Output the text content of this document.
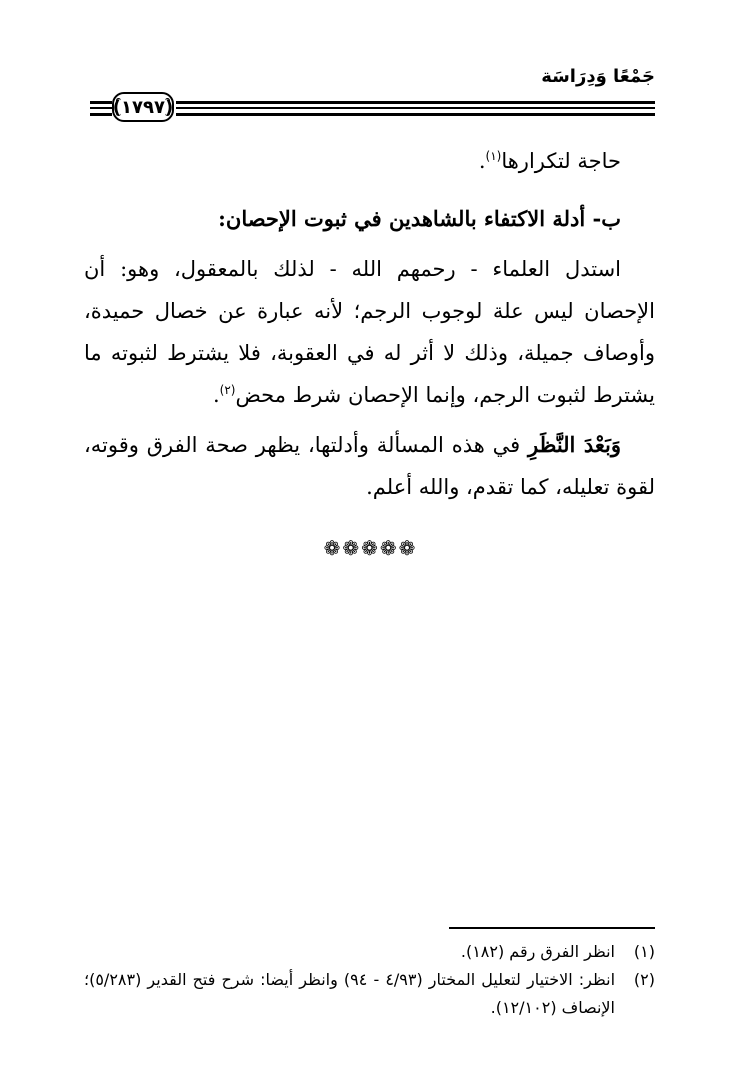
جَمْعًا وَدِرَاسَة
(١٧٩٧)

حاجة لتكرارها$^{(١)}$.

ب- أدلة الاكتفاء بالشاهدين في ثبوت الإحصان:

استدل العلماء - رحمهم الله - لذلك بالمعقول، وهو: أن الإحصان ليس علة لوجوب الرجم؛ لأنه عبارة عن خصال حميدة، وأوصاف جميلة، وذلك لا أثر له في العقوبة، فلا يشترط لثبوته ما يشترط لثبوت الرجم، وإنما الإحصان شرط محض$^{(٢)}$.

وَبَعْدَ النَّظَرِ في هذه المسألة وأدلتها، يظهر صحة الفرق وقوته، لقوة تعليله، كما تقدم، والله أعلم.

❁❁❁❁❁
(١)
انظر الفرق رقم (١٨٢).
(٢)
انظر: الاختيار لتعليل المختار (٤/٩٣ - ٩٤) وانظر أيضا: شرح فتح القدير (٥/٢٨٣)؛ الإنصاف (١٢/١٠٢).
